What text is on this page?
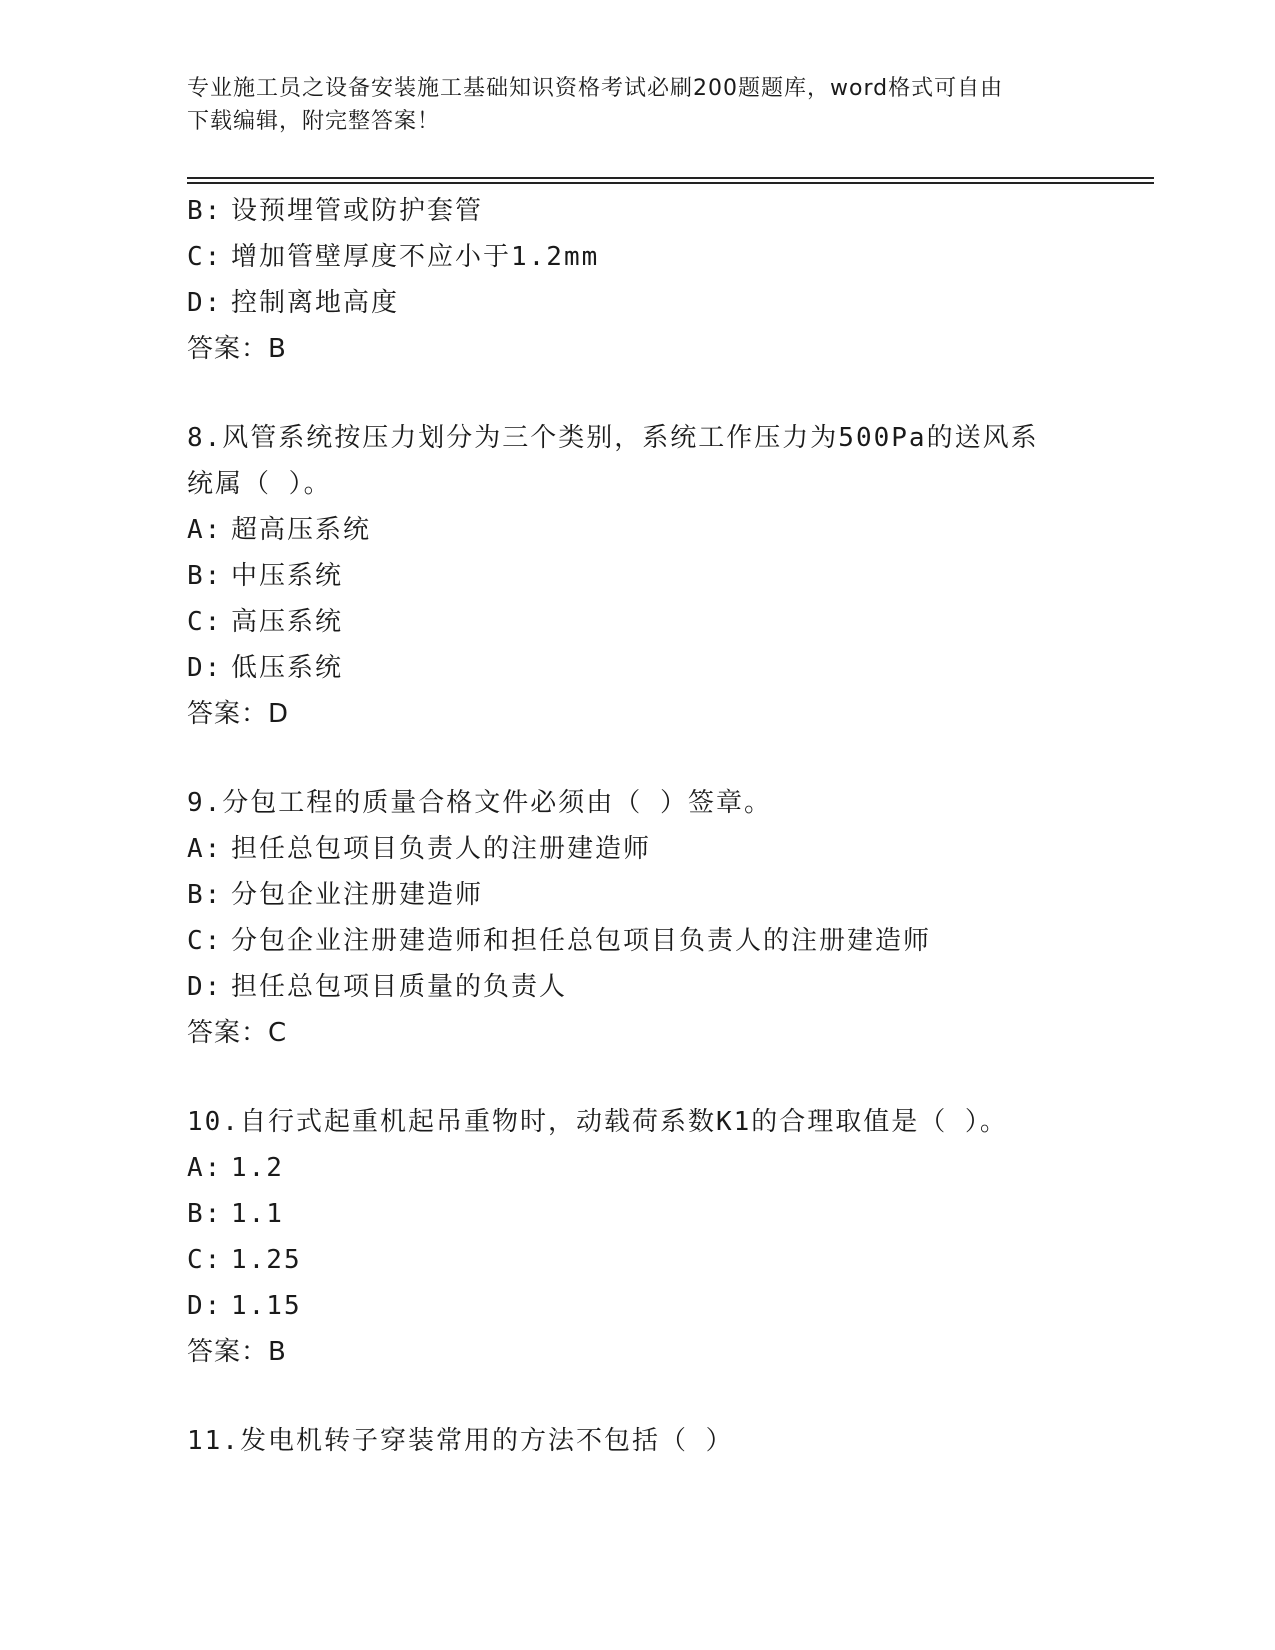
专业施工员之设备安装施工基础知识资格考试必刷200题题库，word格式可自由
下载编辑，附完整答案！
B: 设预埋管或防护套管
C: 增加管壁厚度不应小于1.2mm
D: 控制离地高度
答案：B
8.风管系统按压力划分为三个类别，系统工作压力为500Pa的送风系
统属（ ）。
A: 超高压系统
B: 中压系统
C: 高压系统
D: 低压系统
答案：D
9.分包工程的质量合格文件必须由（ ）签章。
A: 担任总包项目负责人的注册建造师
B: 分包企业注册建造师
C: 分包企业注册建造师和担任总包项目负责人的注册建造师
D: 担任总包项目质量的负责人
答案：C
10.自行式起重机起吊重物时，动载荷系数K1的合理取值是（ ）。
A: 1.2
B: 1.1
C: 1.25
D: 1.15
答案：B
11.发电机转子穿装常用的方法不包括（ ）
